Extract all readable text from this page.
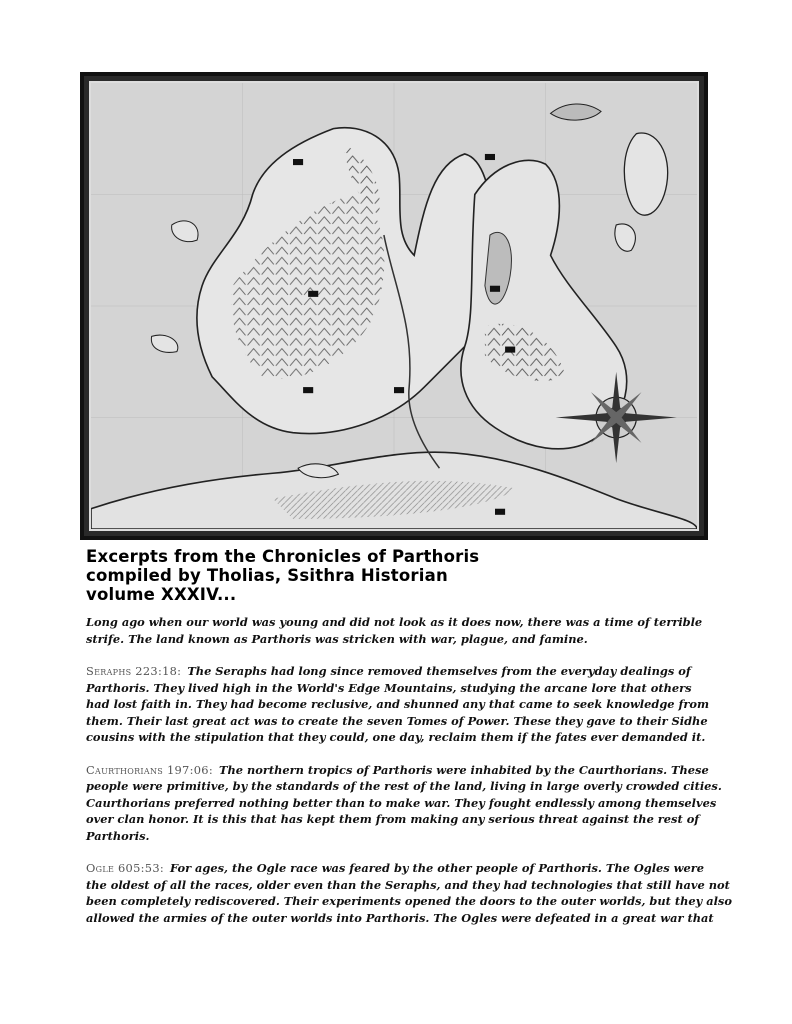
Excerpts from the Chronicles of Parthoris
compiled by Tholias, Ssithra Historian
volume XXXIV...
Long ago when our world was young and did not look as it does now, there was a time of terrible
strife. The land known as Parthoris was stricken with war, plague, and famine.
Seraphs 223:18: The Seraphs had long since removed themselves from the everyday dealings of
Parthoris. They lived high in the World's Edge Mountains, studying the arcane lore that others
had lost faith in. They had become reclusive, and shunned any that came to seek knowledge from
them. Their last great act was to create the seven Tomes of Power. These they gave to their Sidhe
cousins with the stipulation that they could, one day, reclaim them if the fates ever demanded it.
Caurthorians 197:06: The northern tropics of Parthoris were inhabited by the Caurthorians. These
people were primitive, by the standards of the rest of the land, living in large overly crowded cities.
Caurthorians preferred nothing better than to make war. They fought endlessly among themselves
over clan honor. It is this that has kept them from making any serious threat against the rest of
Parthoris.
Ogle 605:53: For ages, the Ogle race was feared by the other people of Parthoris. The Ogles were
the oldest of all the races, older even than the Seraphs, and they had technologies that still have not
been completely rediscovered. Their experiments opened the doors to the outer worlds, but they also
allowed the armies of the outer worlds into Parthoris. The Ogles were defeated in a great war that
